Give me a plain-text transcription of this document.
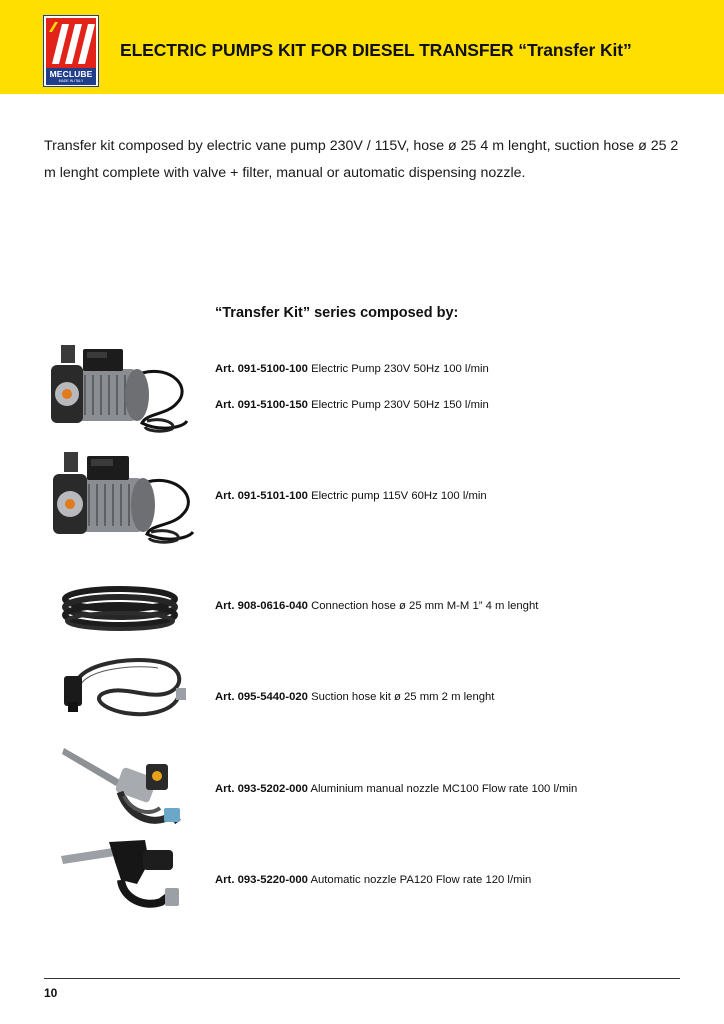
MECLUBE
MADE IN ITALY
ELECTRIC PUMPS KIT FOR DIESEL TRANSFER “Transfer Kit”
Transfer kit composed by electric vane pump 230V / 115V, hose ø 25 4 m lenght, suction hose ø 25 2 m lenght complete with valve + filter, manual or automatic dispensing nozzle.
“Transfer Kit” series composed by:
Art. 091-5100-100 Electric Pump 230V 50Hz 100 l/min
Art. 091-5100-150 Electric Pump 230V 50Hz 150 l/min
Art. 091-5101-100 Electric pump 115V 60Hz 100 l/min
Art. 908-0616-040 Connection hose ø 25 mm M-M 1” 4 m lenght
Art. 095-5440-020 Suction hose kit ø 25 mm 2 m lenght
Art. 093-5202-000 Aluminium manual nozzle MC100 Flow rate 100 l/min
Art. 093-5220-000 Automatic nozzle PA120 Flow rate 120 l/min
10
